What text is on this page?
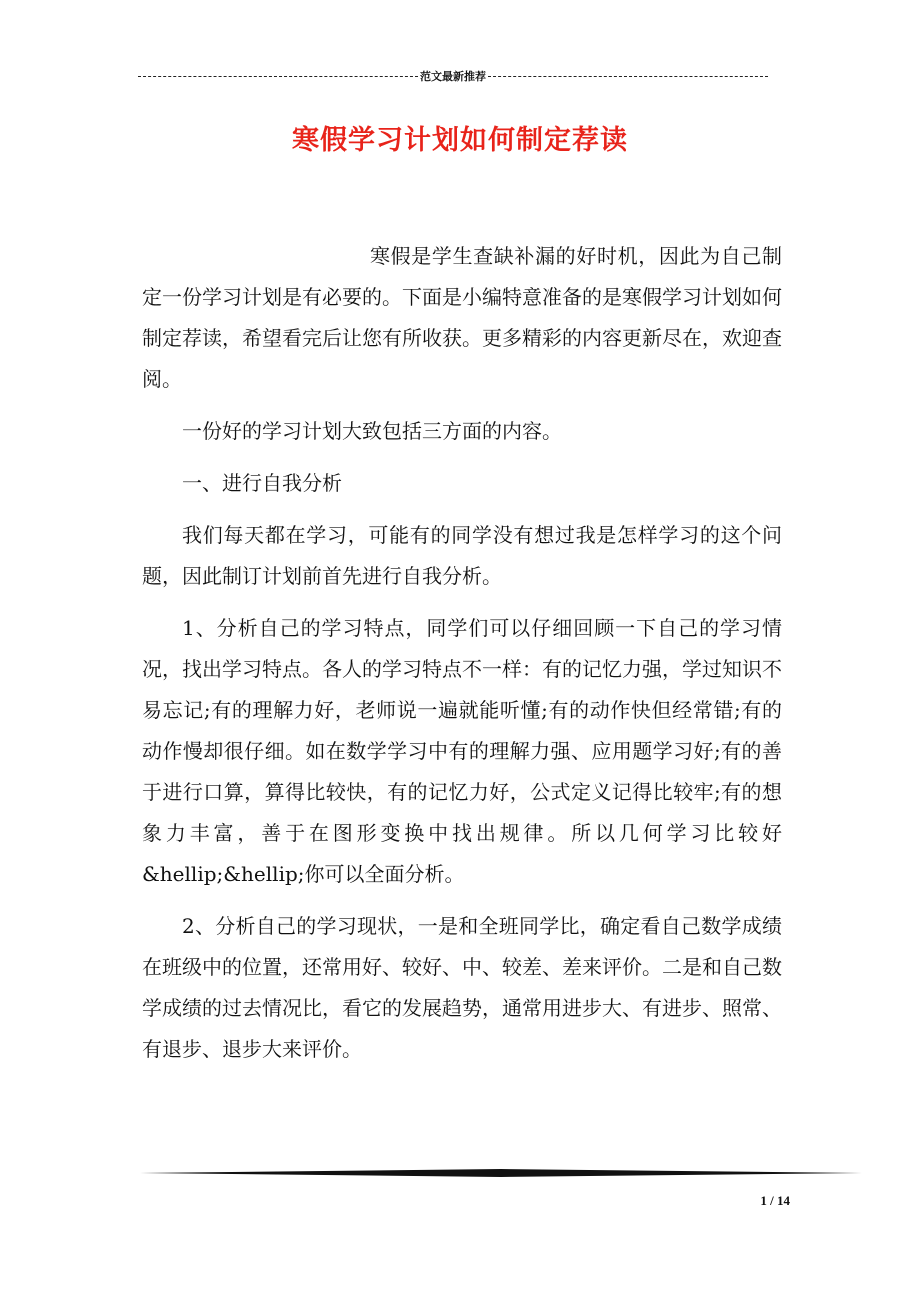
范文最新推荐
寒假学习计划如何制定荐读

寒假是学生查缺补漏的好时机，因此为自己制定一份学习计划是有必要的。下面是小编特意准备的是寒假学习计划如何制定荐读，希望看完后让您有所收获。更多精彩的内容更新尽在，欢迎查阅。

一份好的学习计划大致包括三方面的内容。

一、进行自我分析

我们每天都在学习，可能有的同学没有想过我是怎样学习的这个问题，因此制订计划前首先进行自我分析。

1、分析自己的学习特点，同学们可以仔细回顾一下自己的学习情况，找出学习特点。各人的学习特点不一样：有的记忆力强，学过知识不易忘记;有的理解力好，老师说一遍就能听懂;有的动作快但经常错;有的动作慢却很仔细。如在数学学习中有的理解力强、应用题学习好;有的善于进行口算，算得比较快，有的记忆力好，公式定义记得比较牢;有的想象力丰富，善于在图形变换中找出规律。所以几何学习比较好&hellip;&hellip;你可以全面分析。

2、分析自己的学习现状，一是和全班同学比，确定看自己数学成绩在班级中的位置，还常用好、较好、中、较差、差来评价。二是和自己数学成绩的过去情况比，看它的发展趋势，通常用进步大、有进步、照常、有退步、退步大来评价。

1 / 14
